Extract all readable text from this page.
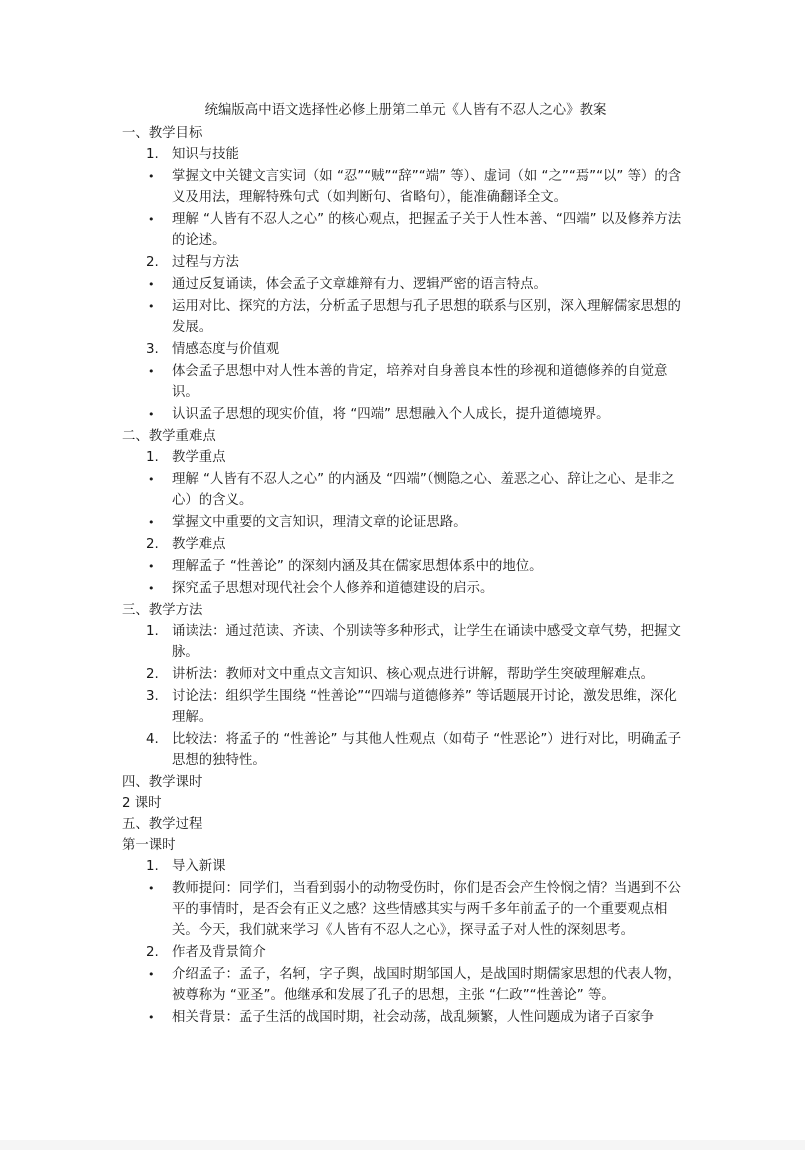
统编版高中语文选择性必修上册第二单元《人皆有不忍人之心》教案
一、教学目标
1. 知识与技能
•	掌握文中关键文言实词（如 “忍”“贼”“辞”“端” 等）、虚词（如 “之”“焉”“以” 等）的含义及用法，理解特殊句式（如判断句、省略句），能准确翻译全文。
•	理解 “人皆有不忍人之心” 的核心观点，把握孟子关于人性本善、“四端” 以及修养方法的论述。
2. 过程与方法
•	通过反复诵读，体会孟子文章雄辩有力、逻辑严密的语言特点。
•	运用对比、探究的方法，分析孟子思想与孔子思想的联系与区别，深入理解儒家思想的发展。
3. 情感态度与价值观
•	体会孟子思想中对人性本善的肯定，培养对自身善良本性的珍视和道德修养的自觉意识。
•	认识孟子思想的现实价值，将 “四端” 思想融入个人成长，提升道德境界。
二、教学重难点
1. 教学重点
•	理解 “人皆有不忍人之心” 的内涵及 “四端”（恻隐之心、羞恶之心、辞让之心、是非之心）的含义。
•	掌握文中重要的文言知识，理清文章的论证思路。
2. 教学难点
•	理解孟子 “性善论” 的深刻内涵及其在儒家思想体系中的地位。
•	探究孟子思想对现代社会个人修养和道德建设的启示。
三、教学方法
1. 诵读法：通过范读、齐读、个别读等多种形式，让学生在诵读中感受文章气势，把握文脉。
2. 讲析法：教师对文中重点文言知识、核心观点进行讲解，帮助学生突破理解难点。
3. 讨论法：组织学生围绕 “性善论”“四端与道德修养” 等话题展开讨论，激发思维，深化理解。
4. 比较法：将孟子的 “性善论” 与其他人性观点（如荀子 “性恶论”）进行对比，明确孟子思想的独特性。
四、教学课时
2 课时
五、教学过程
第一课时
1. 导入新课
•	教师提问：同学们，当看到弱小的动物受伤时，你们是否会产生怜悯之情？当遇到不公平的事情时，是否会有正义之感？这些情感其实与两千多年前孟子的一个重要观点相关。今天，我们就来学习《人皆有不忍人之心》，探寻孟子对人性的深刻思考。
2. 作者及背景简介
•	介绍孟子：孟子，名轲，字子舆，战国时期邹国人，是战国时期儒家思想的代表人物，被尊称为 “亚圣”。他继承和发展了孔子的思想，主张 “仁政”“性善论” 等。
•	相关背景：孟子生活的战国时期，社会动荡，战乱频繁，人性问题成为诸子百家争
